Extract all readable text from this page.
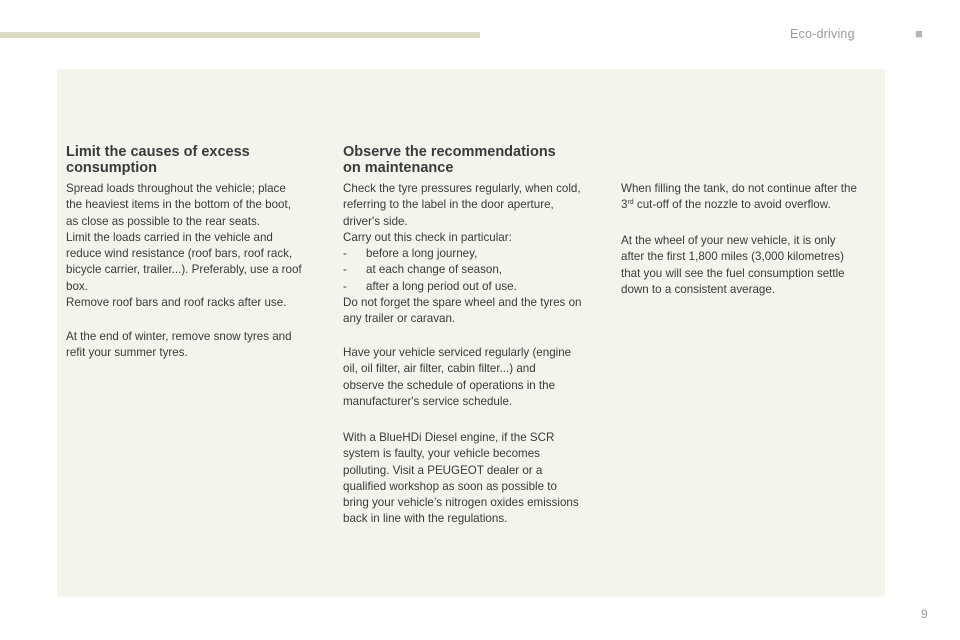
Eco-driving	■
Limit the causes of excess
consumption

Spread loads throughout the vehicle; place
the heaviest items in the bottom of the boot,
as close as possible to the rear seats.
Limit the loads carried in the vehicle and
reduce wind resistance (roof bars, roof rack,
bicycle carrier, trailer...). Preferably, use a roof
box.
Remove roof bars and roof racks after use.

At the end of winter, remove snow tyres and
refit your summer tyres.

Observe the recommendations
on maintenance

Check the tyre pressures regularly, when cold,
referring to the label in the door aperture,
driver's side.
Carry out this check in particular:
- before a long journey,
- at each change of season,
- after a long period out of use.
Do not forget the spare wheel and the tyres on
any trailer or caravan.

Have your vehicle serviced regularly (engine
oil, oil filter, air filter, cabin filter...) and
observe the schedule of operations in the
manufacturer's service schedule.

With a BlueHDi Diesel engine, if the SCR
system is faulty, your vehicle becomes
polluting. Visit a PEUGEOT dealer or a
qualified workshop as soon as possible to
bring your vehicle’s nitrogen oxides emissions
back in line with the regulations.

When filling the tank, do not continue after the
3rd cut-off of the nozzle to avoid overflow.

At the wheel of your new vehicle, it is only
after the first 1,800 miles (3,000 kilometres)
that you will see the fuel consumption settle
down to a consistent average.

9
